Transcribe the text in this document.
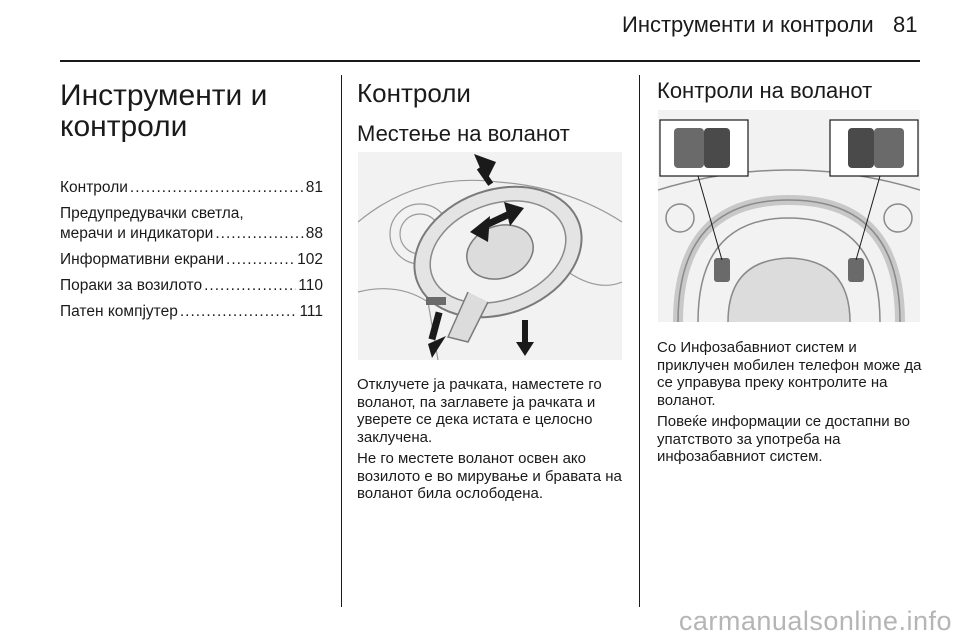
Инструменти и контроли 81
Инструменти и
контроли
Контроли .....	81
Предупредувачки светла,
мерачи и индикатори .....	88
Информативни екрани .....	102
Пораки за возилото .....	110
Патен компјутер .....	111
Контроли
Местење на воланот

Отклучете ја рачката, наместете го воланот, па заглавете ја рачката и уверете се дека истата е целосно заклучена.

Не го местете воланот освен ако возилото е во мирување и бравата на воланот била ослободена.

Контроли на воланот

Со Инфозабавниот систем и приклучен мобилен телефон може да се управува преку контролите на воланот.

Повеќе информации се достапни во упатството за употреба на инфозабавниот систем.

carmanualsonline.info
